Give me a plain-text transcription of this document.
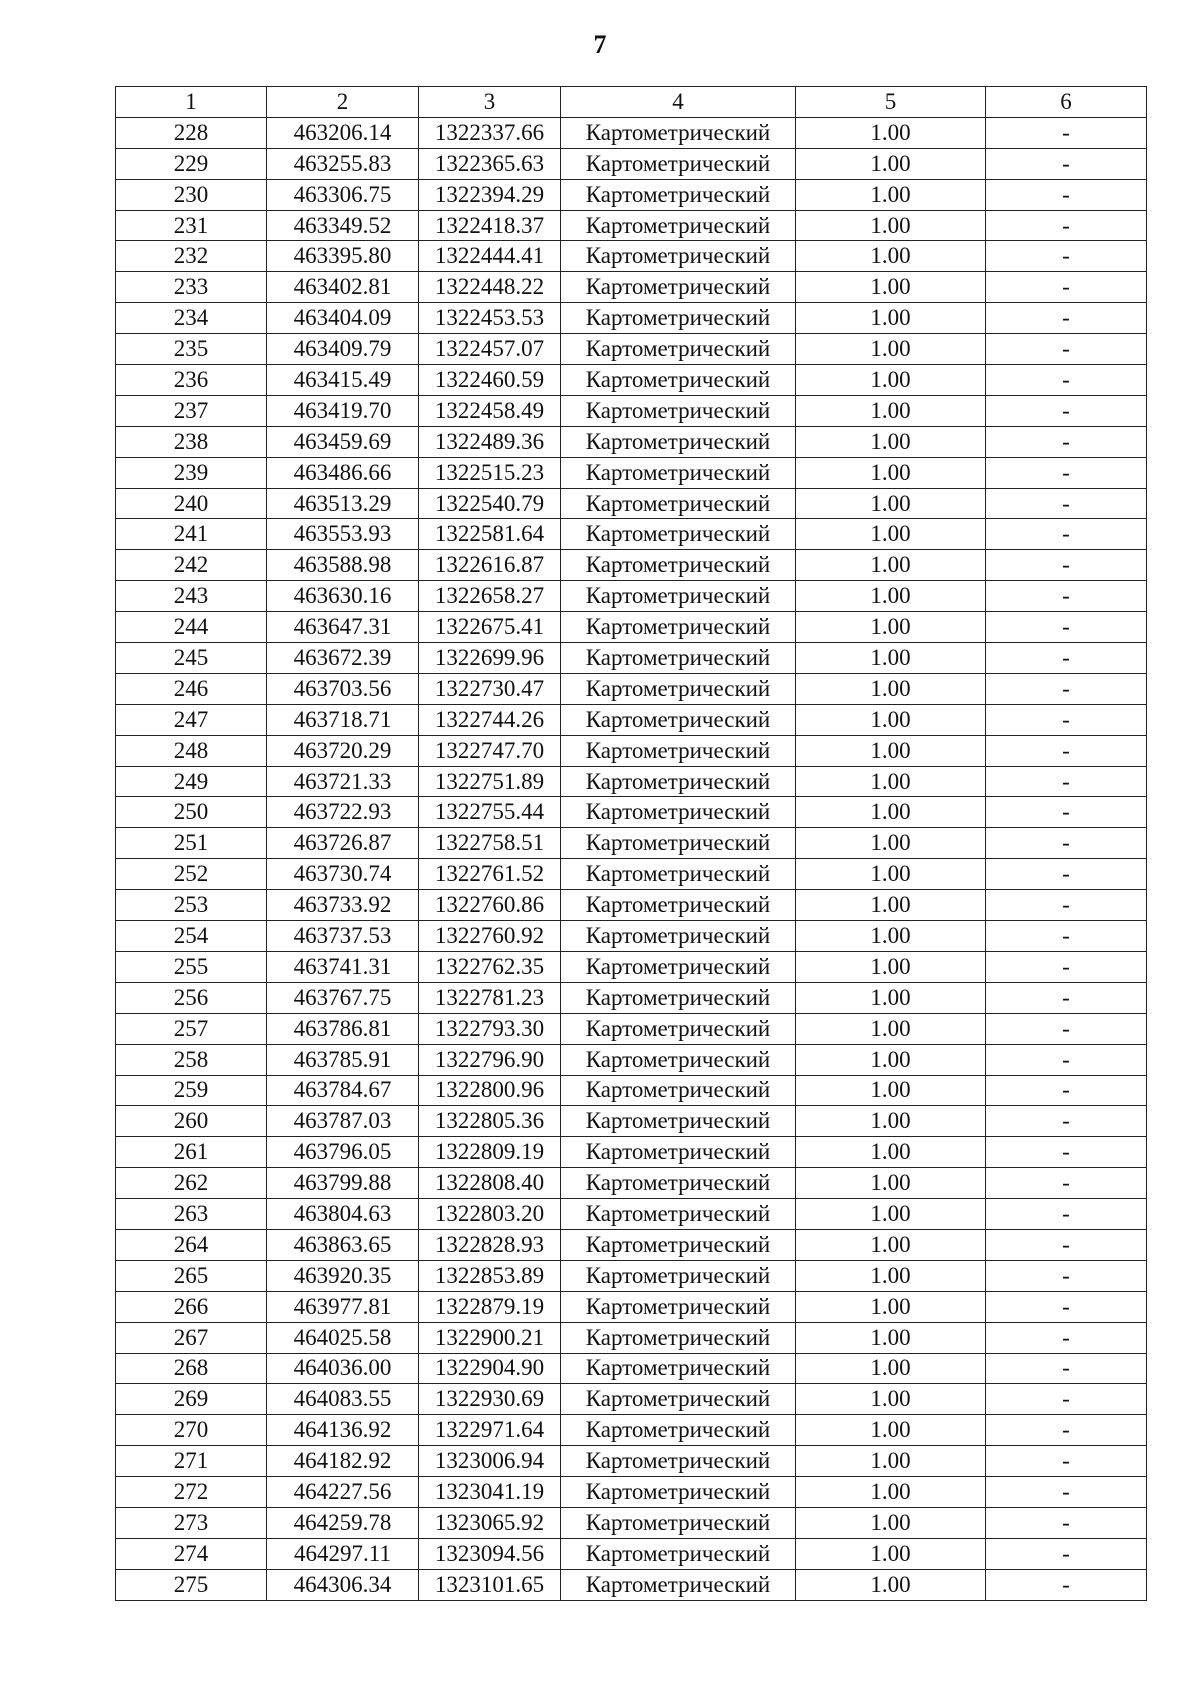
7
1	2	3	4	5	6
228	463206.14	1322337.66	Картометрический	1.00	-
229	463255.83	1322365.63	Картометрический	1.00	-
230	463306.75	1322394.29	Картометрический	1.00	-
231	463349.52	1322418.37	Картометрический	1.00	-
232	463395.80	1322444.41	Картометрический	1.00	-
233	463402.81	1322448.22	Картометрический	1.00	-
234	463404.09	1322453.53	Картометрический	1.00	-
235	463409.79	1322457.07	Картометрический	1.00	-
236	463415.49	1322460.59	Картометрический	1.00	-
237	463419.70	1322458.49	Картометрический	1.00	-
238	463459.69	1322489.36	Картометрический	1.00	-
239	463486.66	1322515.23	Картометрический	1.00	-
240	463513.29	1322540.79	Картометрический	1.00	-
241	463553.93	1322581.64	Картометрический	1.00	-
242	463588.98	1322616.87	Картометрический	1.00	-
243	463630.16	1322658.27	Картометрический	1.00	-
244	463647.31	1322675.41	Картометрический	1.00	-
245	463672.39	1322699.96	Картометрический	1.00	-
246	463703.56	1322730.47	Картометрический	1.00	-
247	463718.71	1322744.26	Картометрический	1.00	-
248	463720.29	1322747.70	Картометрический	1.00	-
249	463721.33	1322751.89	Картометрический	1.00	-
250	463722.93	1322755.44	Картометрический	1.00	-
251	463726.87	1322758.51	Картометрический	1.00	-
252	463730.74	1322761.52	Картометрический	1.00	-
253	463733.92	1322760.86	Картометрический	1.00	-
254	463737.53	1322760.92	Картометрический	1.00	-
255	463741.31	1322762.35	Картометрический	1.00	-
256	463767.75	1322781.23	Картометрический	1.00	-
257	463786.81	1322793.30	Картометрический	1.00	-
258	463785.91	1322796.90	Картометрический	1.00	-
259	463784.67	1322800.96	Картометрический	1.00	-
260	463787.03	1322805.36	Картометрический	1.00	-
261	463796.05	1322809.19	Картометрический	1.00	-
262	463799.88	1322808.40	Картометрический	1.00	-
263	463804.63	1322803.20	Картометрический	1.00	-
264	463863.65	1322828.93	Картометрический	1.00	-
265	463920.35	1322853.89	Картометрический	1.00	-
266	463977.81	1322879.19	Картометрический	1.00	-
267	464025.58	1322900.21	Картометрический	1.00	-
268	464036.00	1322904.90	Картометрический	1.00	-
269	464083.55	1322930.69	Картометрический	1.00	-
270	464136.92	1322971.64	Картометрический	1.00	-
271	464182.92	1323006.94	Картометрический	1.00	-
272	464227.56	1323041.19	Картометрический	1.00	-
273	464259.78	1323065.92	Картометрический	1.00	-
274	464297.11	1323094.56	Картометрический	1.00	-
275	464306.34	1323101.65	Картометрический	1.00	-
